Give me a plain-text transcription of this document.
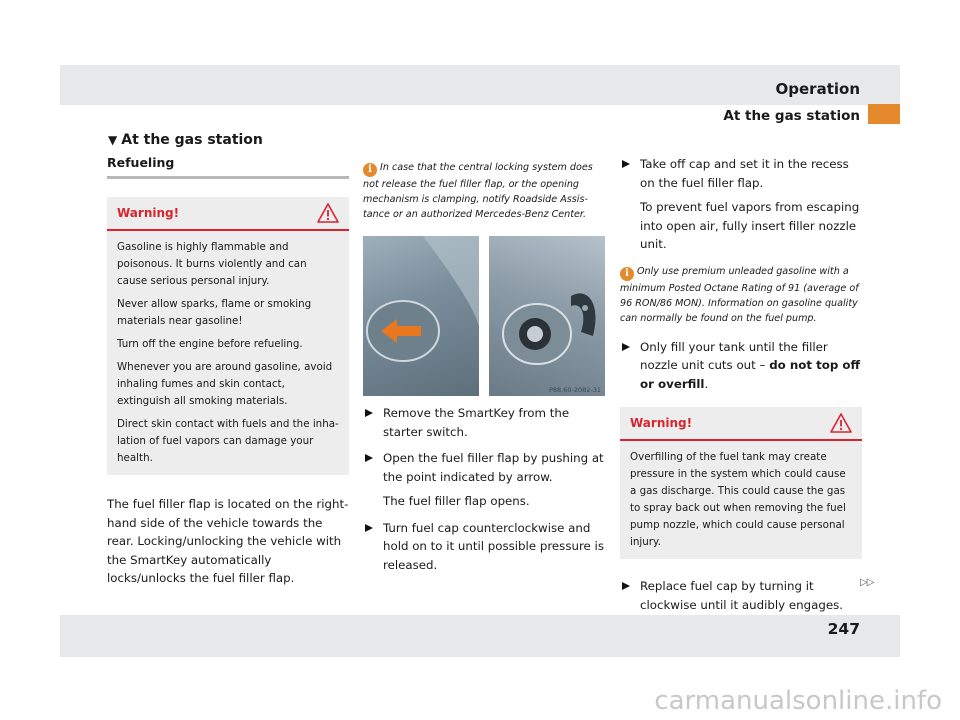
Operation
At the gas station
▼ At the gas station
Refueling
Warning!

Gasoline is highly flammable and poisonous. It burns violently and can cause serious personal injury.

Never allow sparks, flame or smoking materials near gasoline!

Turn off the engine before refueling.

Whenever you are around gasoline, avoid inhaling fumes and skin contact, extinguish all smoking materials.

Direct skin contact with fuels and the inha-lation of fuel vapors can damage your health.

The fuel filler flap is located on the right-hand side of the vehicle towards the rear. Locking/unlocking the vehicle with the SmartKey automatically locks/unlocks the fuel filler flap.

i In case that the central locking system does not release the fuel filler flap, or the opening mechanism is clamping, notify Roadside Assis-tance or an authorized Mercedes-Benz Center.

P88.60-2082-31
Remove the SmartKey from the starter switch.
Open the fuel filler flap by pushing at the point indicated by arrow.
The fuel filler flap opens.
Turn fuel cap counterclockwise and hold on to it until possible pressure is released.
Take off cap and set it in the recess on the fuel filler flap.
To prevent fuel vapors from escaping into open air, fully insert filler nozzle unit.

i Only use premium unleaded gasoline with a minimum Posted Octane Rating of 91 (average of 96 RON/86 MON). Information on gasoline quality can normally be found on the fuel pump.

Only fill your tank until the filler nozzle unit cuts out – do not top off or overfill.
Warning!

Overfilling of the fuel tank may create pressure in the system which could cause a gas discharge. This could cause the gas to spray back out when removing the fuel pump nozzle, which could cause personal injury.

Replace fuel cap by turning it clockwise until it audibly engages.
▷▷
247
carmanualsonline.info
